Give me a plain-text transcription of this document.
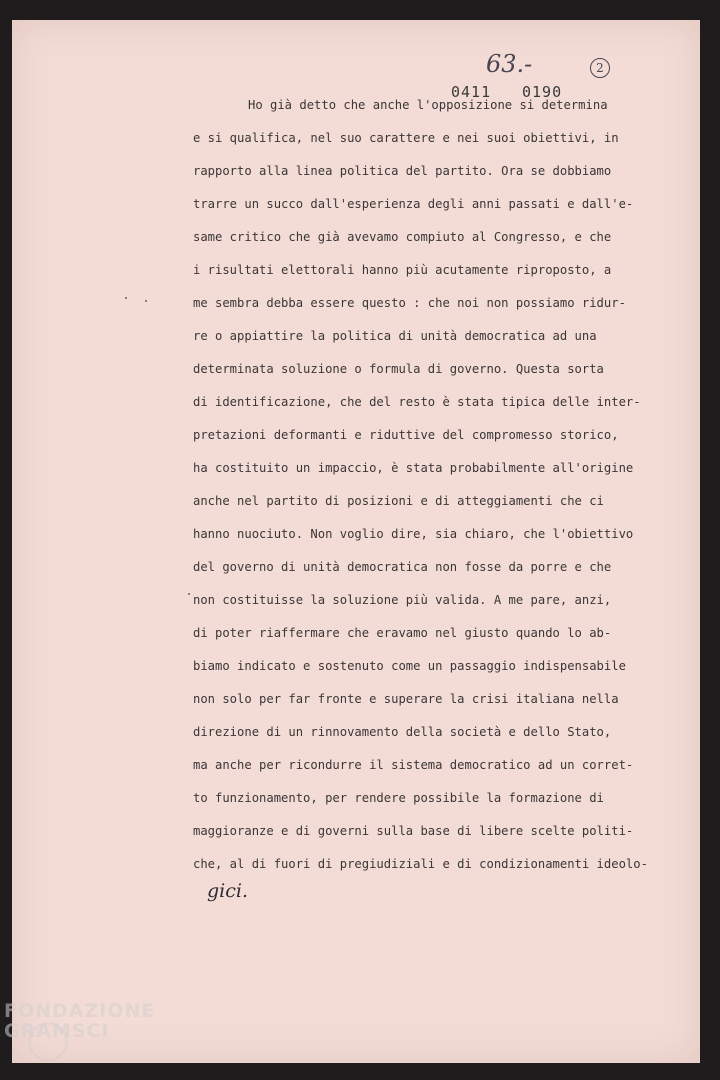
63.-	2
0411 0190
Ho già detto che anche l'opposizione si determina
e si qualifica, nel suo carattere e nei suoi obiettivi, in
rapporto alla linea politica del partito. Ora se dobbiamo
trarre un succo dall'esperienza degli anni passati e dall'e-
same critico che già avevamo compiuto al Congresso, e che
i risultati elettorali hanno più acutamente riproposto, a
me sembra debba essere questo : che noi non possiamo ridur-
re o appiattire la politica di unità democratica ad una
determinata soluzione o formula di governo. Questa sorta
di identificazione, che del resto è stata tipica delle inter-
pretazioni deformanti e riduttive del compromesso storico,
ha costituito un impaccio, è stata probabilmente all'origine
anche nel partito di posizioni e di atteggiamenti che ci
hanno nuociuto. Non voglio dire, sia chiaro, che l'obiettivo
del governo di unità democratica non fosse da porre e che
non costituisse la soluzione più valida. A me pare, anzi,
di poter riaffermare che eravamo nel giusto quando lo ab-
biamo indicato e sostenuto come un passaggio indispensabile
non solo per far fronte e superare la crisi italiana nella
direzione di un rinnovamento della società e dello Stato,
ma anche per ricondurre il sistema democratico ad un corret-
to funzionamento, per rendere possibile la formazione di
maggioranze e di governi sulla base di libere scelte politi-
che, al di fuori di pregiudiziali e di condizionamenti ideolo-
gici.
FONDAZIONE
GRAMSCI
